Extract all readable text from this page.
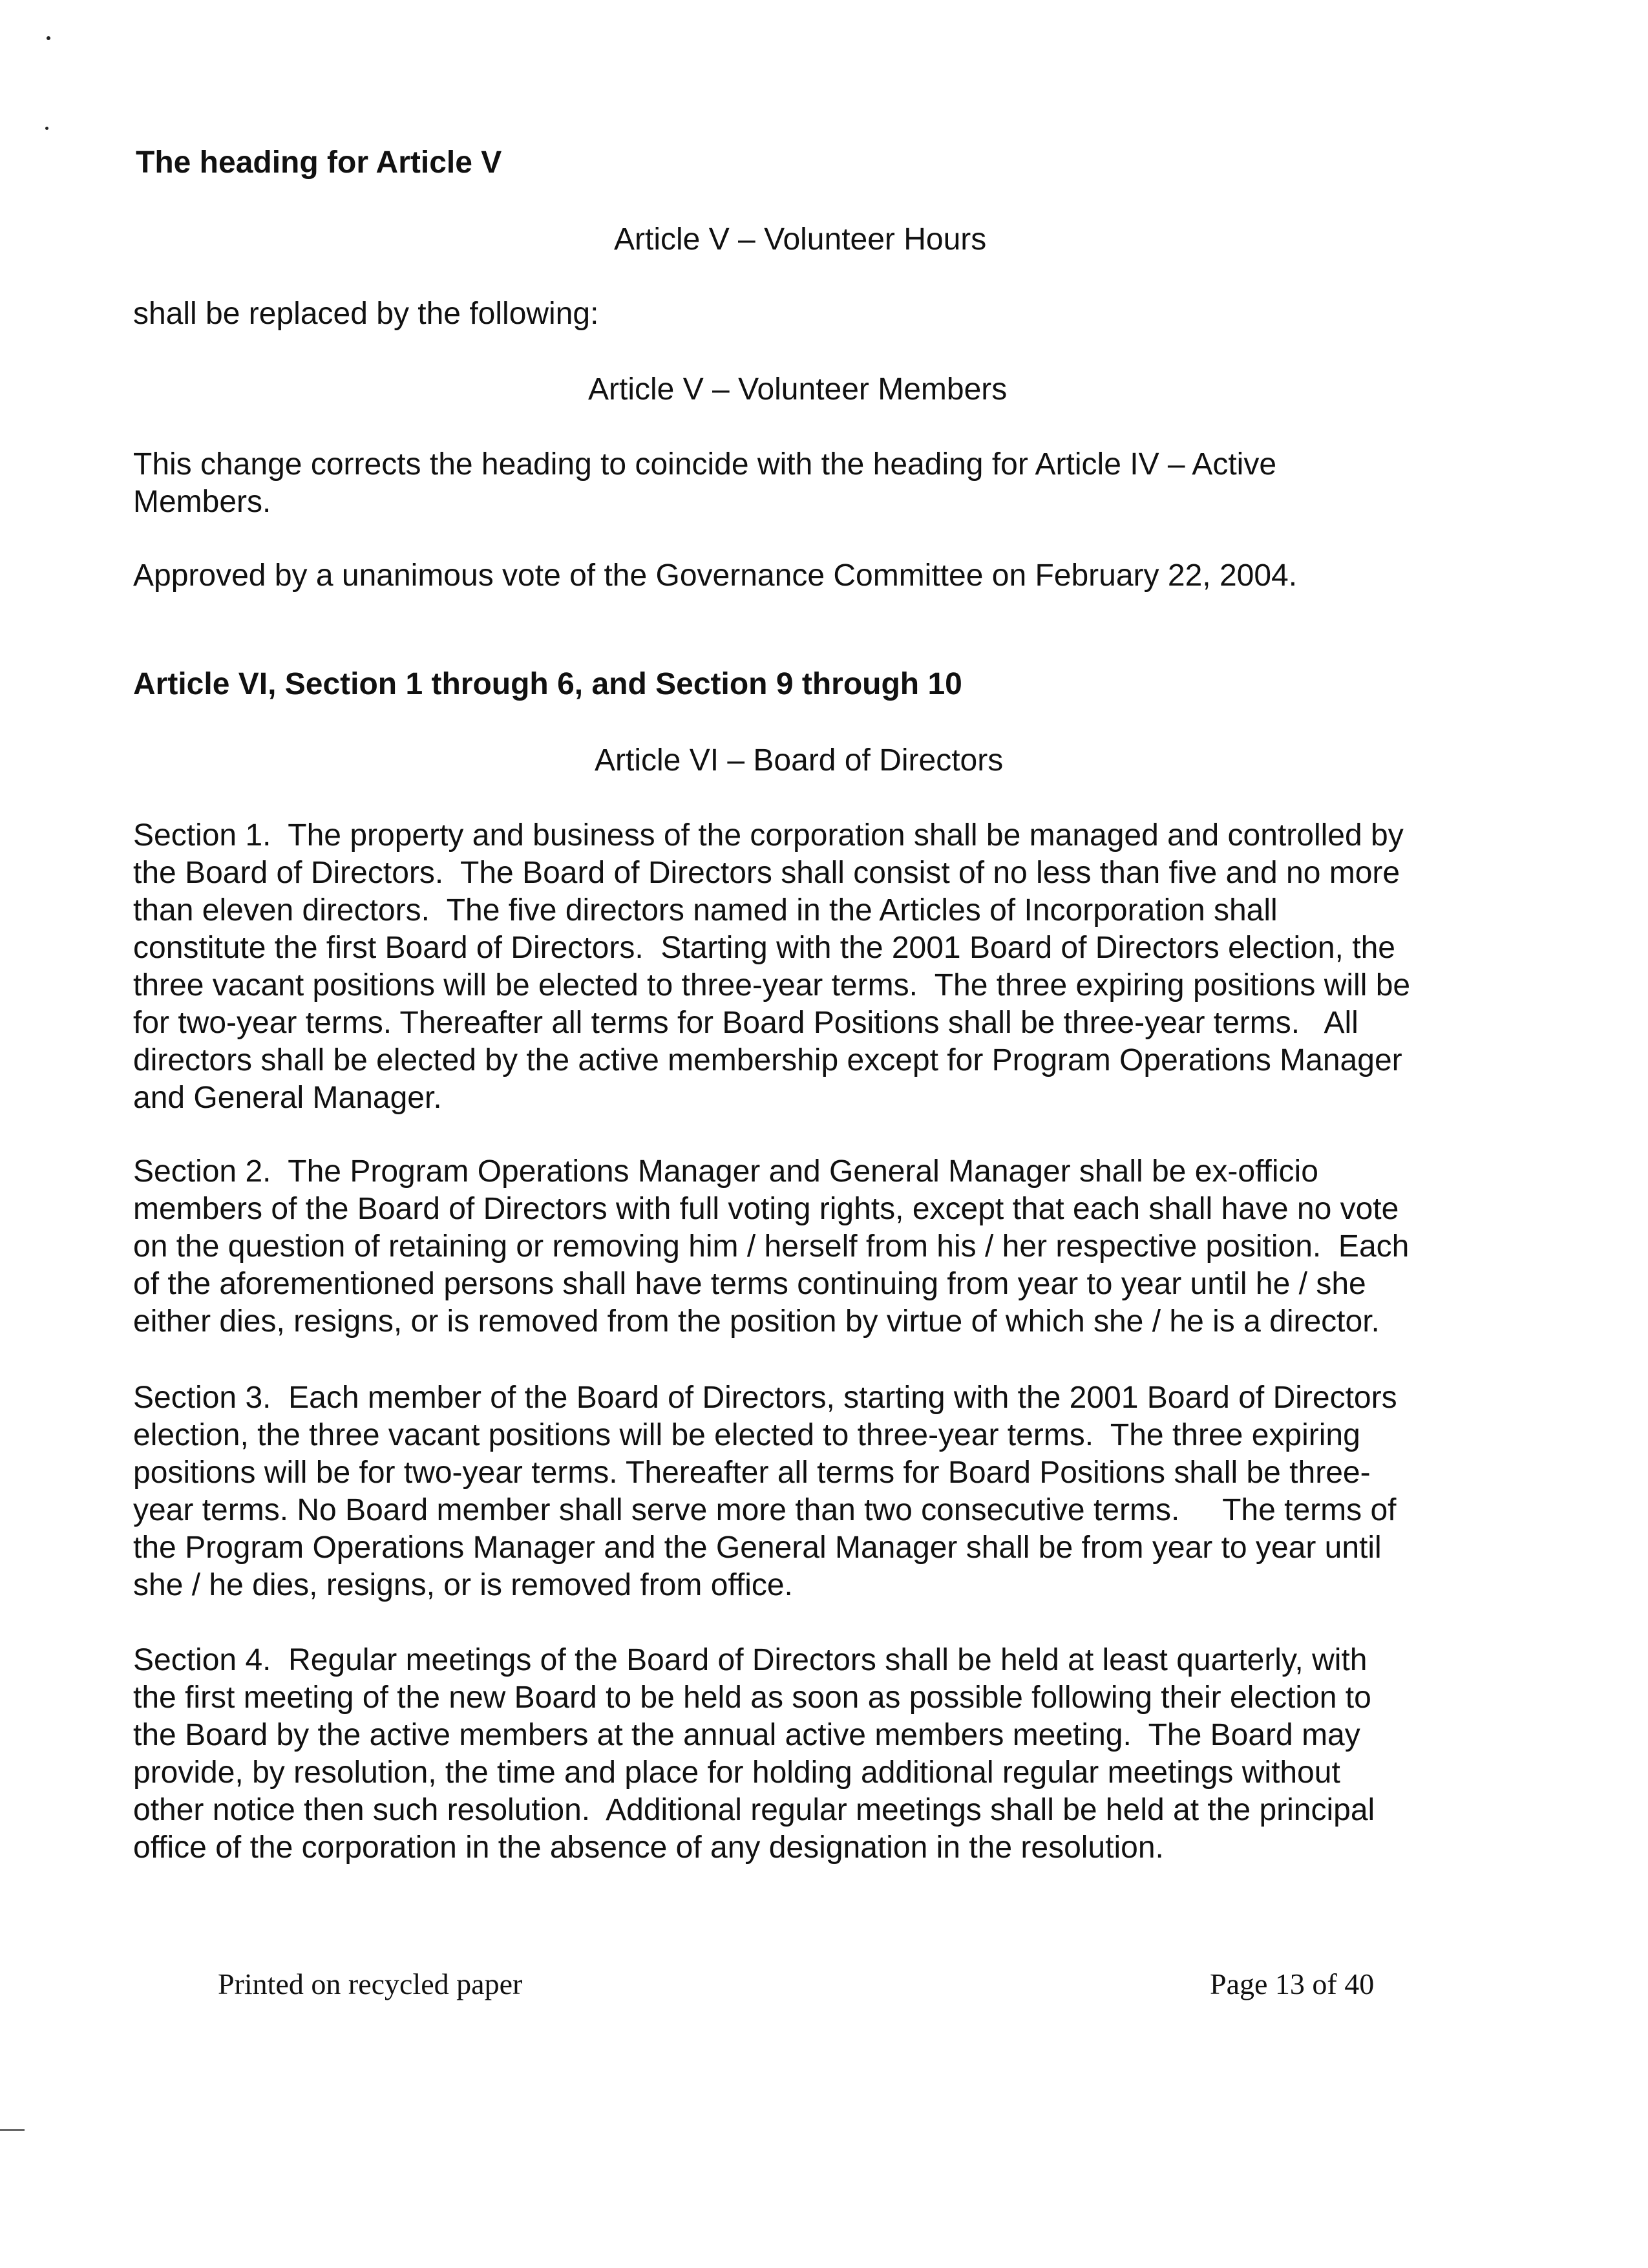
The heading for Article V
Article V – Volunteer Hours
shall be replaced by the following:
Article V – Volunteer Members
This change corrects the heading to coincide with the heading for Article IV – Active
Members.
Approved by a unanimous vote of the Governance Committee on February 22, 2004.
Article VI, Section 1 through 6, and Section 9 through 10
Article VI – Board of Directors
Section 1.  The property and business of the corporation shall be managed and controlled by
the Board of Directors.  The Board of Directors shall consist of no less than five and no more
than eleven directors.  The five directors named in the Articles of Incorporation shall
constitute the first Board of Directors.  Starting with the 2001 Board of Directors election, the
three vacant positions will be elected to three-year terms.  The three expiring positions will be
for two-year terms. Thereafter all terms for Board Positions shall be three-year terms.   All
directors shall be elected by the active membership except for Program Operations Manager
and General Manager.
Section 2.  The Program Operations Manager and General Manager shall be ex-officio
members of the Board of Directors with full voting rights, except that each shall have no vote
on the question of retaining or removing him / herself from his / her respective position.  Each
of the aforementioned persons shall have terms continuing from year to year until he / she
either dies, resigns, or is removed from the position by virtue of which she / he is a director.
Section 3.  Each member of the Board of Directors, starting with the 2001 Board of Directors
election, the three vacant positions will be elected to three-year terms.  The three expiring
positions will be for two-year terms. Thereafter all terms for Board Positions shall be three-
year terms. No Board member shall serve more than two consecutive terms.     The terms of
the Program Operations Manager and the General Manager shall be from year to year until
she / he dies, resigns, or is removed from office.
Section 4.  Regular meetings of the Board of Directors shall be held at least quarterly, with
the first meeting of the new Board to be held as soon as possible following their election to
the Board by the active members at the annual active members meeting.  The Board may
provide, by resolution, the time and place for holding additional regular meetings without
other notice then such resolution.  Additional regular meetings shall be held at the principal
office of the corporation in the absence of any designation in the resolution.
Printed on recycled paper	Page 13 of 40
